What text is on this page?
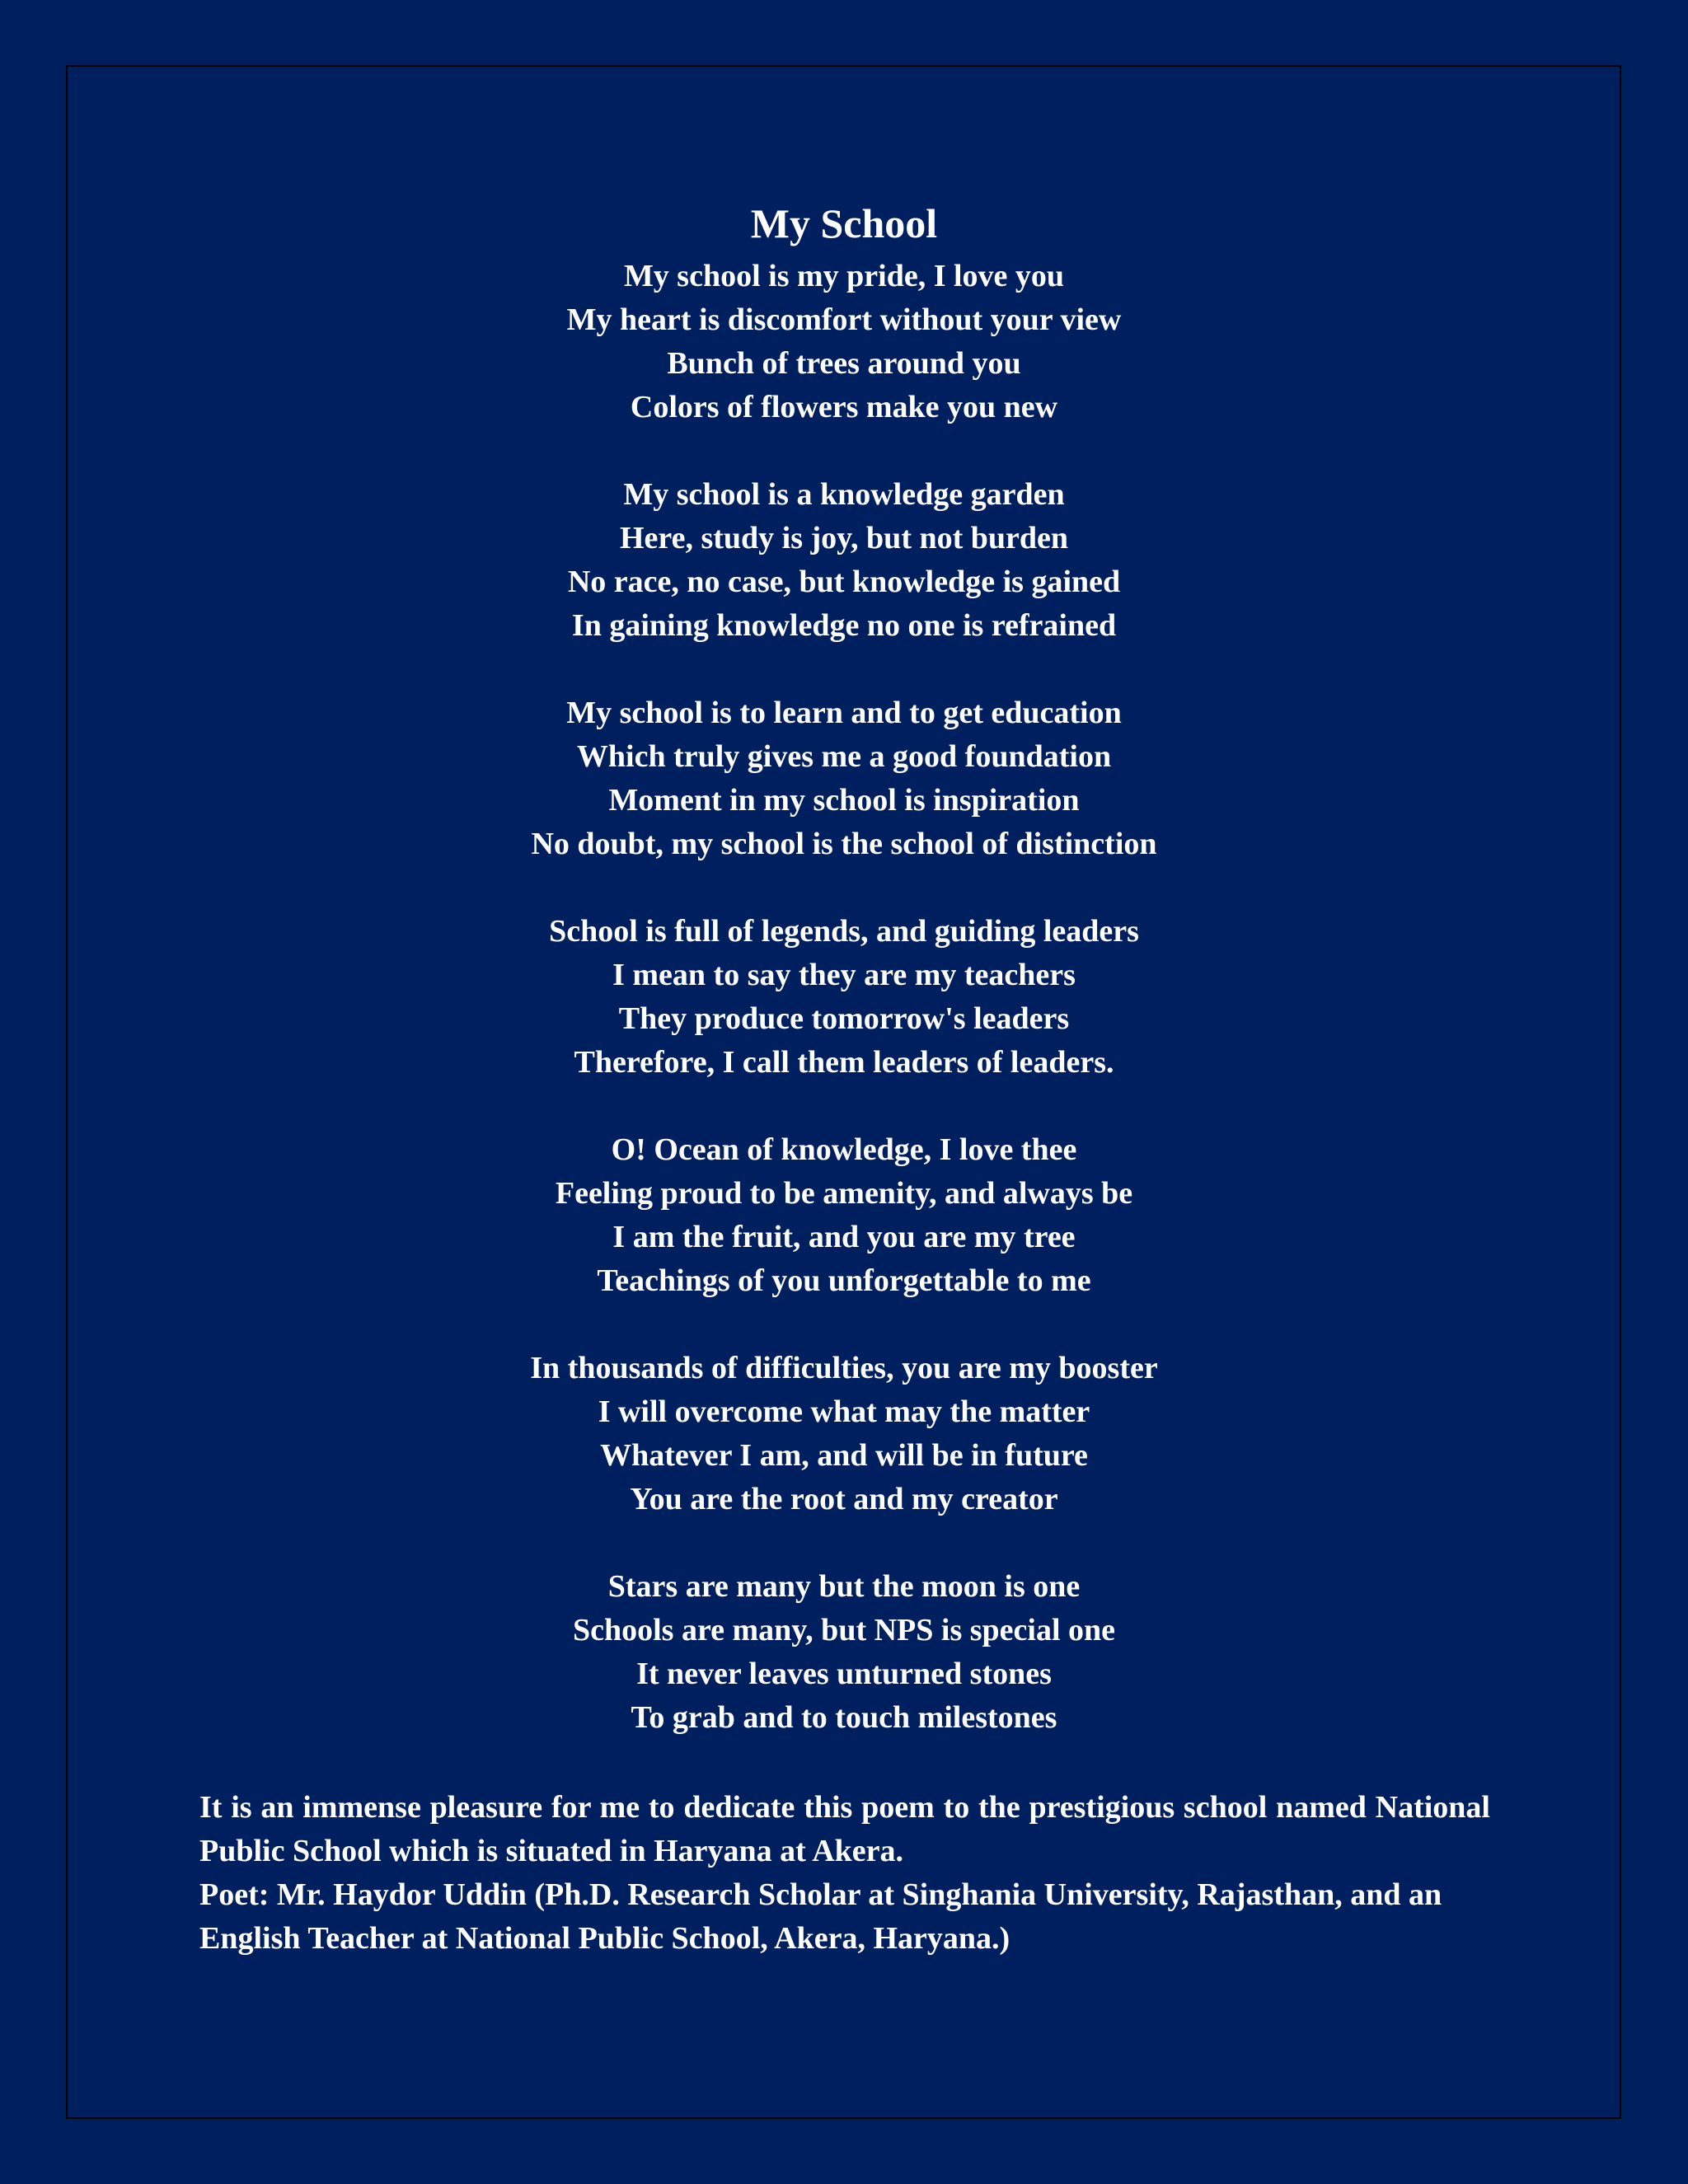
My School
My school is my pride, I love you
My heart is discomfort without your view
Bunch of trees around you
Colors of flowers make you new
My school is a knowledge garden
Here, study is joy, but not burden
No race, no case, but knowledge is gained
In gaining knowledge no one is refrained
My school is to learn and to get education
Which truly gives me a good foundation
Moment in my school is inspiration
No doubt, my school is the school of distinction
School is full of legends, and guiding leaders
I mean to say they are my teachers
They produce tomorrow's leaders
Therefore, I call them leaders of leaders.
O! Ocean of knowledge, I love thee
Feeling proud to be amenity, and always be
I am the fruit, and you are my tree
Teachings of you unforgettable to me
In thousands of difficulties, you are my booster
I will overcome what may the matter
Whatever I am, and will be in future
You are the root and my creator
Stars are many but the moon is one
Schools are many, but NPS is special one
It never leaves unturned stones
To grab and to touch milestones

It is an immense pleasure for me to dedicate this poem to the prestigious school named National Public School which is situated in Haryana at Akera.

Poet: Mr. Haydor Uddin (Ph.D. Research Scholar at Singhania University, Rajasthan, and an English Teacher at National Public School, Akera, Haryana.)
